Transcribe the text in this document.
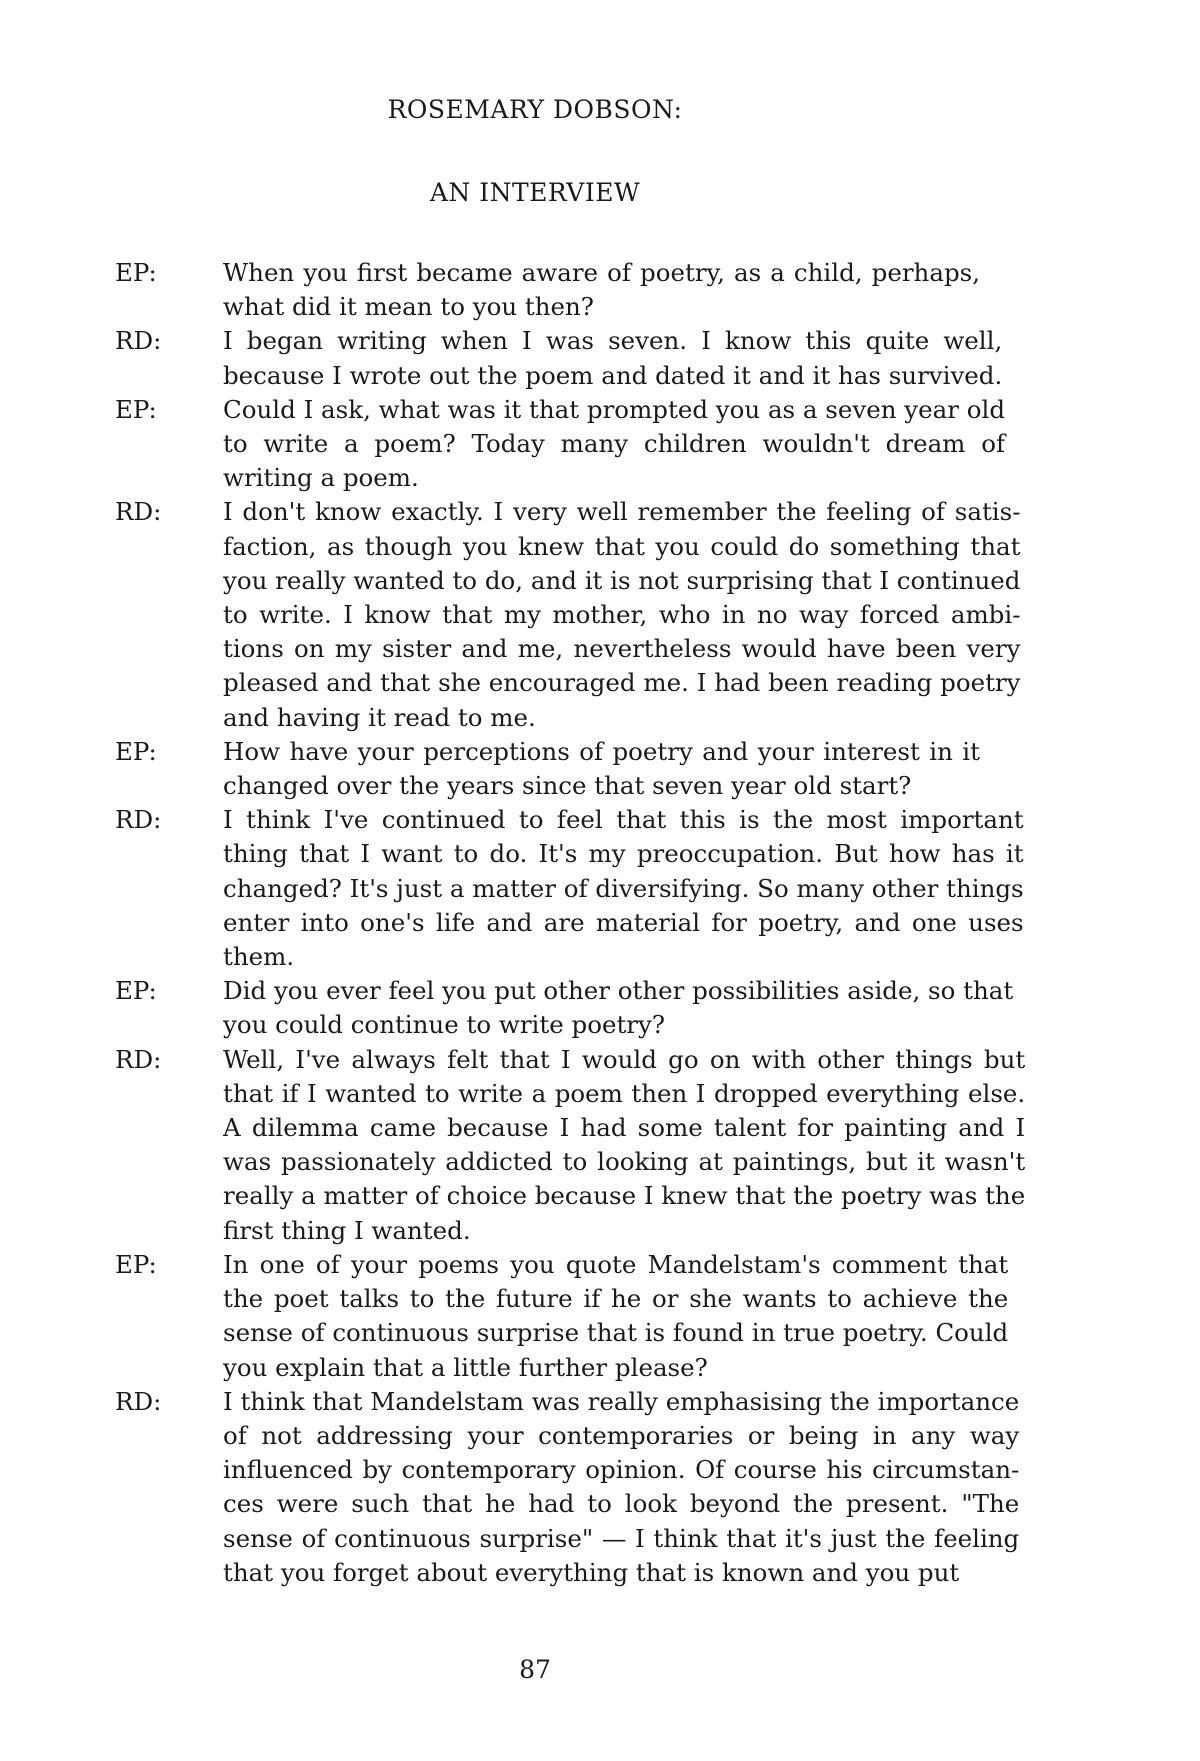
ROSEMARY DOBSON:
AN INTERVIEW
EP:	When you first became aware of poetry, as a child, perhaps,
what did it mean to you then?
RD:	I began writing when I was seven. I know this quite well,
because I wrote out the poem and dated it and it has survived.
EP:	Could I ask, what was it that prompted you as a seven year old
to write a poem? Today many children wouldn't dream of
writing a poem.
RD:	I don't know exactly. I very well remember the feeling of satis-
faction, as though you knew that you could do something that
you really wanted to do, and it is not surprising that I continued
to write. I know that my mother, who in no way forced ambi-
tions on my sister and me, nevertheless would have been very
pleased and that she encouraged me. I had been reading poetry
and having it read to me.
EP:	How have your perceptions of poetry and your interest in it
changed over the years since that seven year old start?
RD:	I think I've continued to feel that this is the most important
thing that I want to do. It's my preoccupation. But how has it
changed? It's just a matter of diversifying. So many other things
enter into one's life and are material for poetry, and one uses
them.
EP:	Did you ever feel you put other other possibilities aside, so that
you could continue to write poetry?
RD:	Well, I've always felt that I would go on with other things but
that if I wanted to write a poem then I dropped everything else.
A dilemma came because I had some talent for painting and I
was passionately addicted to looking at paintings, but it wasn't
really a matter of choice because I knew that the poetry was the
first thing I wanted.
EP:	In one of your poems you quote Mandelstam's comment that
the poet talks to the future if he or she wants to achieve the
sense of continuous surprise that is found in true poetry. Could
you explain that a little further please?
RD:	I think that Mandelstam was really emphasising the importance
of not addressing your contemporaries or being in any way
influenced by contemporary opinion. Of course his circumstan-
ces were such that he had to look beyond the present. "The
sense of continuous surprise" — I think that it's just the feeling
that you forget about everything that is known and you put
87
